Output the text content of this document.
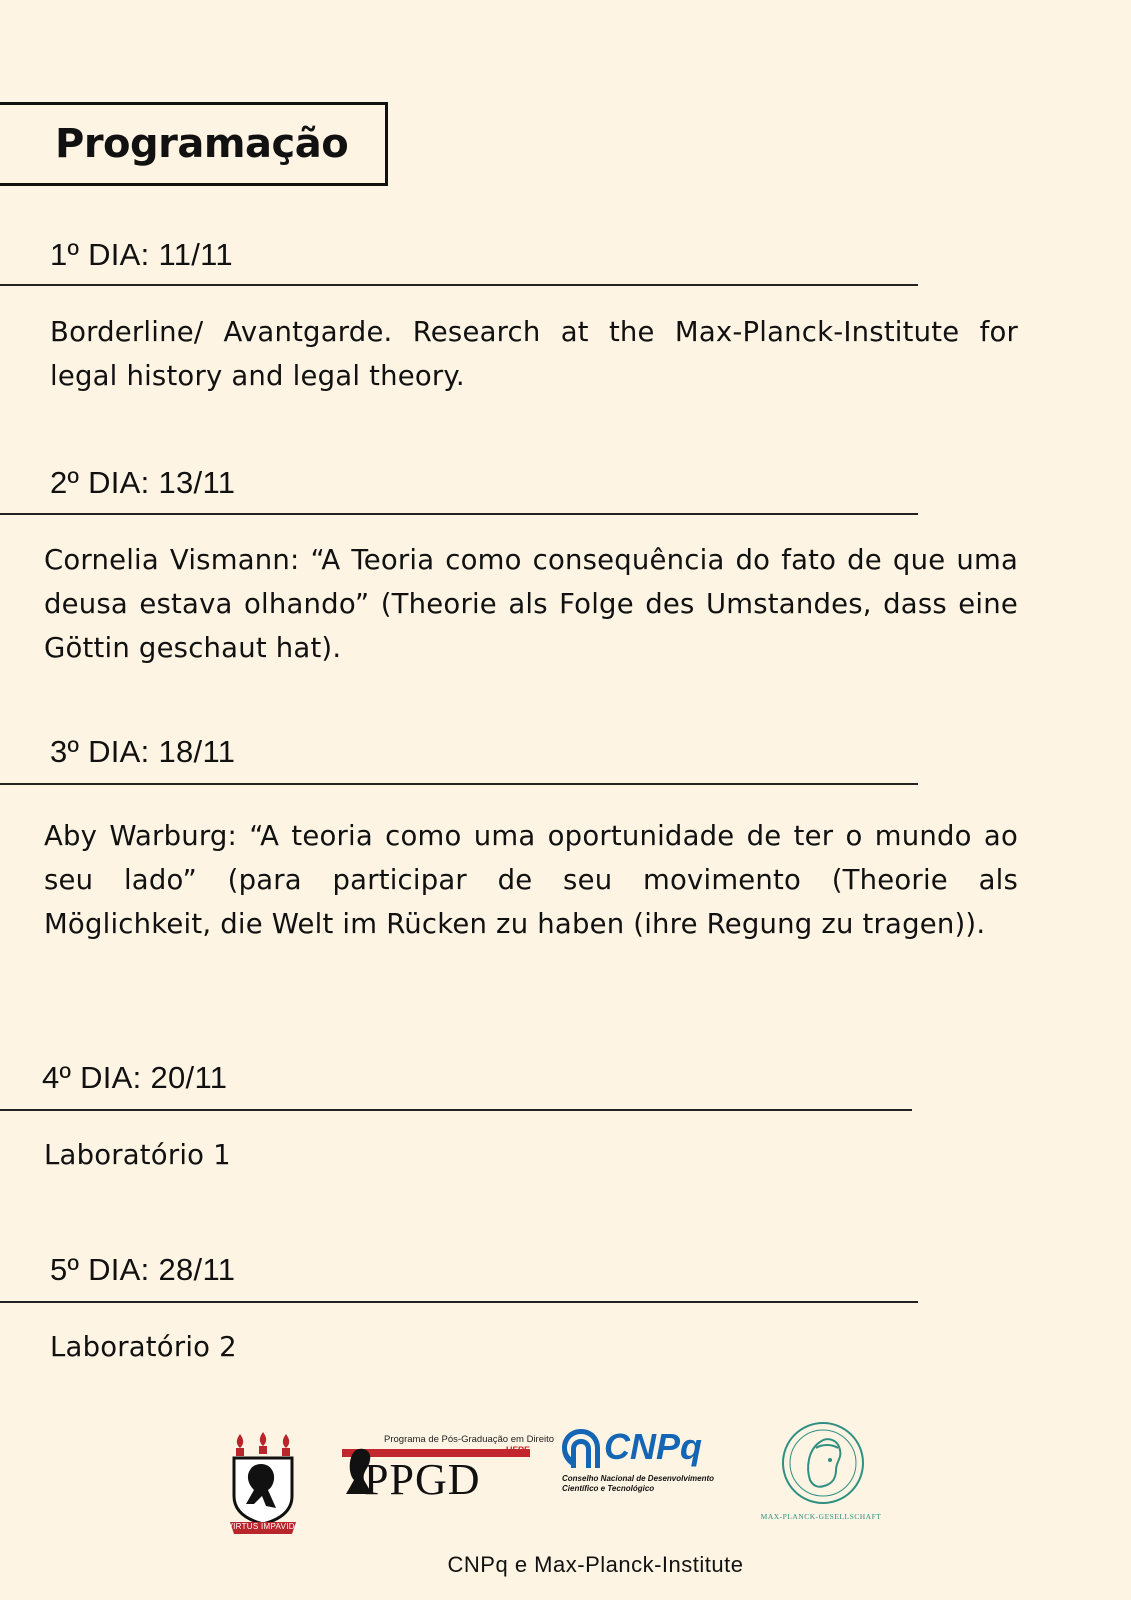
Programação
1º DIA: 11/11
Borderline/ Avantgarde. Research at the Max-Planck-Institute for legal history and legal theory.
2º DIA: 13/11
Cornelia Vismann: “A Teoria como consequência do fato de que uma deusa estava olhando” (Theorie als Folge des Umstandes, dass eine Göttin geschaut hat).
3º DIA: 18/11
Aby Warburg: “A teoria como uma oportunidade de ter o mundo ao seu lado” (para participar de seu movimento (Theorie als Möglichkeit, die Welt im Rücken zu haben (ihre Regung zu tragen)).
4º DIA: 20/11
Laboratório 1
5º DIA: 28/11
Laboratório 2
VIRTUS IMPAVIDA
Programa de Pós-Graduação em Direito
UFPE
PPGD
CNPq
Conselho Nacional de Desenvolvimento
Científico e Tecnológico
MAX-PLANCK-GESELLSCHAFT
CNPq e Max-Planck-Institute
